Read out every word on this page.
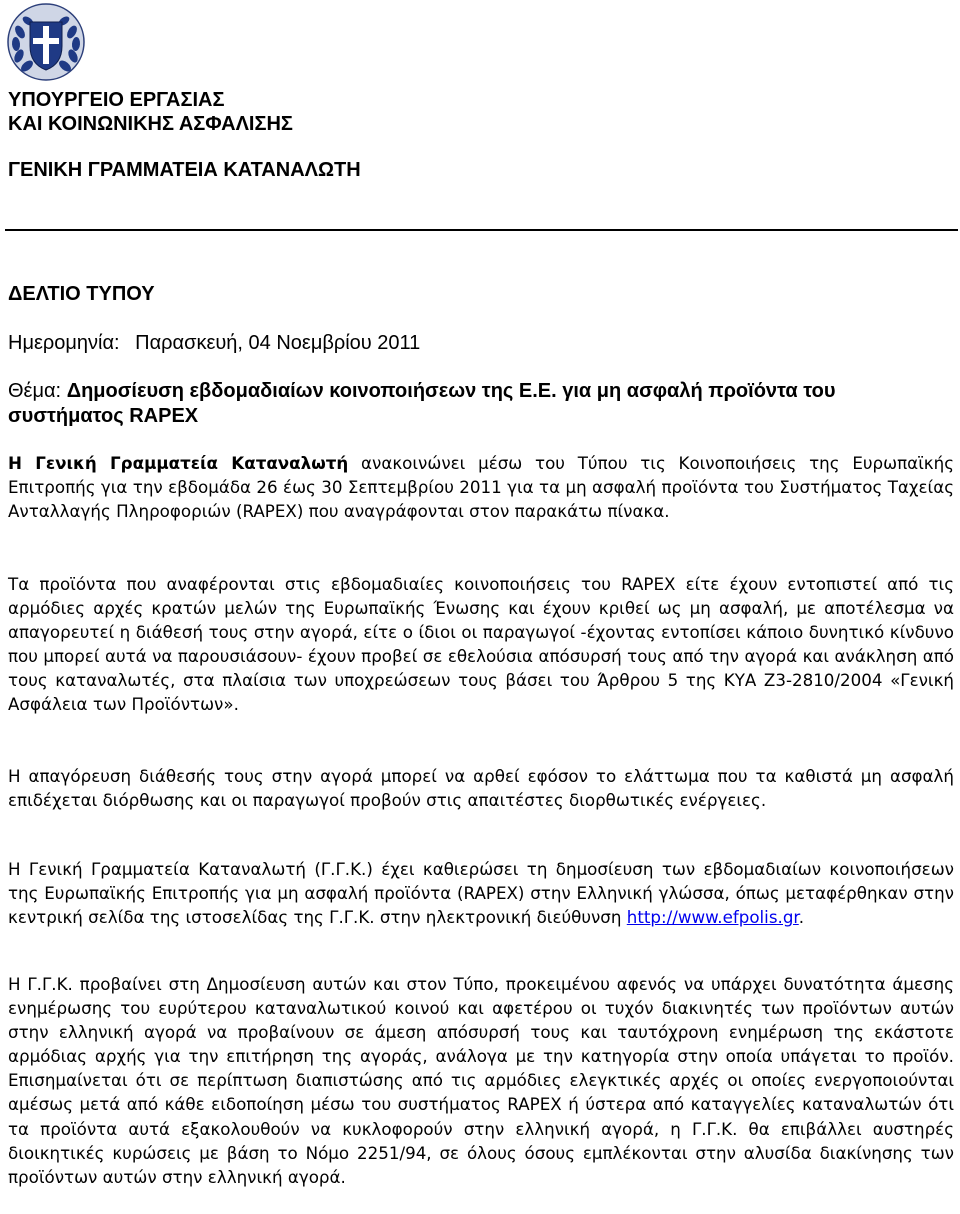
ΥΠΟΥΡΓΕΙΟ ΕΡΓΑΣΙΑΣ
ΚΑΙ ΚΟΙΝΩΝΙΚΗΣ ΑΣΦΑΛΙΣΗΣ
ΓΕΝΙΚΗ ΓΡΑΜΜΑΤΕΙΑ ΚΑΤΑΝΑΛΩΤΗ
ΔΕΛΤΙΟ ΤΥΠΟΥ
Ημερομηνία: Παρασκευή, 04 Νοεμβρίου 2011
Θέμα: Δημοσίευση εβδομαδιαίων κοινοποιήσεων της Ε.Ε. για μη ασφαλή προϊόντα του
συστήματος RAPEX

Η Γενική Γραμματεία Καταναλωτή ανακοινώνει μέσω του Τύπου τις Κοινοποιήσεις της Ευρωπαϊκής Επιτροπής για την εβδομάδα 26 έως 30 Σεπτεμβρίου 2011 για τα μη ασφαλή προϊόντα του Συστήματος Ταχείας Ανταλλαγής Πληροφοριών (RAPEX) που αναγράφονται στον παρακάτω πίνακα.

Τα προϊόντα που αναφέρονται στις εβδομαδιαίες κοινοποιήσεις του RAPEX είτε έχουν εντοπιστεί από τις αρμόδιες αρχές κρατών μελών της Ευρωπαϊκής Ένωσης και έχουν κριθεί ως μη ασφαλή, με αποτέλεσμα να απαγορευτεί η διάθεσή τους στην αγορά, είτε ο ίδιοι οι παραγωγοί -έχοντας εντοπίσει κάποιο δυνητικό κίνδυνο που μπορεί αυτά να παρουσιάσουν- έχουν προβεί σε εθελούσια απόσυρσή τους από την αγορά και ανάκληση από τους καταναλωτές, στα πλαίσια των υποχρεώσεων τους βάσει του Άρθρου 5 της ΚΥΑ Ζ3-2810/2004 «Γενική Ασφάλεια των Προϊόντων».

Η απαγόρευση διάθεσής τους στην αγορά μπορεί να αρθεί εφόσον το ελάττωμα που τα καθιστά μη ασφαλή επιδέχεται διόρθωσης και οι παραγωγοί προβούν στις απαιτέστες διορθωτικές ενέργειες.

Η Γενική Γραμματεία Καταναλωτή (Γ.Γ.Κ.) έχει καθιερώσει τη δημοσίευση των εβδομαδιαίων κοινοποιήσεων της Ευρωπαϊκής Επιτροπής για μη ασφαλή προϊόντα (RAPEX) στην Ελληνική γλώσσα, όπως μεταφέρθηκαν στην κεντρική σελίδα της ιστοσελίδας της Γ.Γ.Κ. στην ηλεκτρονική διεύθυνση http://www.efpolis.gr.

Η Γ.Γ.Κ. προβαίνει στη Δημοσίευση αυτών και στον Τύπο, προκειμένου αφενός να υπάρχει δυνατότητα άμεσης ενημέρωσης του ευρύτερου καταναλωτικού κοινού και αφετέρου οι τυχόν διακινητές των προϊόντων αυτών στην ελληνική αγορά να προβαίνουν σε άμεση απόσυρσή τους και ταυτόχρονη ενημέρωση της εκάστοτε αρμόδιας αρχής για την επιτήρηση της αγοράς, ανάλογα με την κατηγορία στην οποία υπάγεται το προϊόν. Επισημαίνεται ότι σε περίπτωση διαπιστώσης από τις αρμόδιες ελεγκτικές αρχές οι οποίες ενεργοποιούνται αμέσως μετά από κάθε ειδοποίηση μέσω του συστήματος RAPEX ή ύστερα από καταγγελίες καταναλωτών ότι τα προϊόντα αυτά εξακολουθούν να κυκλοφορούν στην ελληνική αγορά, η Γ.Γ.Κ. θα επιβάλλει αυστηρές διοικητικές κυρώσεις με βάση το Νόμο 2251/94, σε όλους όσους εμπλέκονται στην αλυσίδα διακίνησης των προϊόντων αυτών στην ελληνική αγορά.
